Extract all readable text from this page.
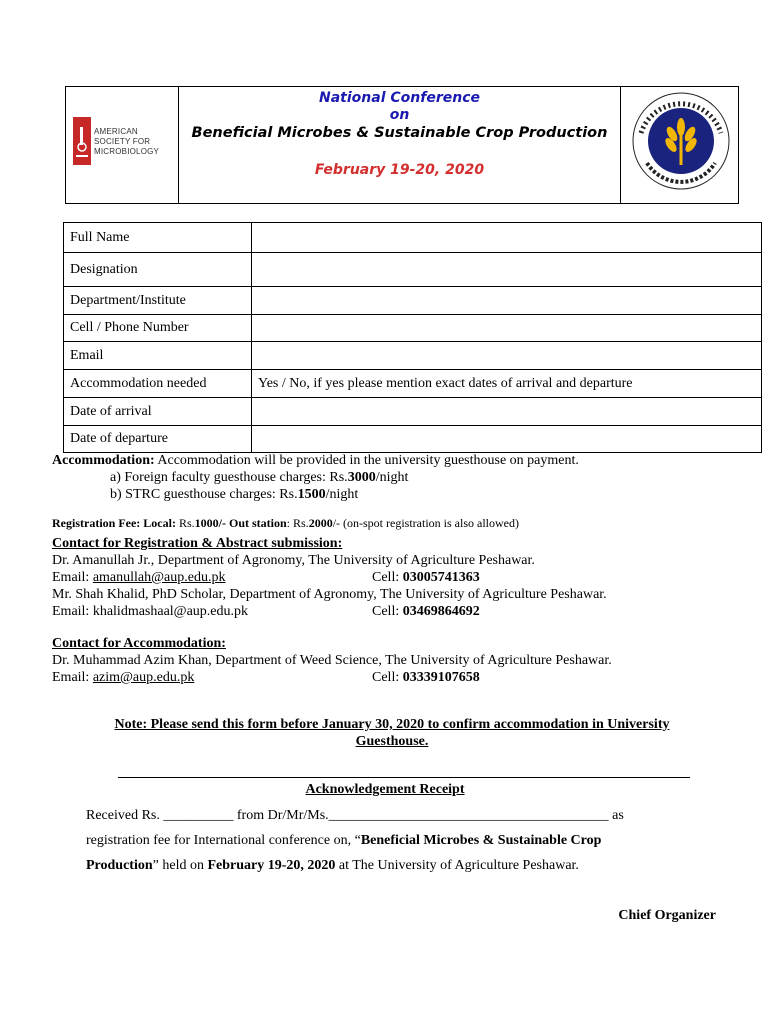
AMERICAN
SOCIETY FOR
MICROBIOLOGY
National Conference
on
Beneficial Microbes & Sustainable Crop Production
February 19-20, 2020
Full Name	
Designation	
Department/Institute	
Cell / Phone Number	
Email	
Accommodation needed	Yes / No, if yes please mention exact dates of arrival and departure
Date of arrival	
Date of departure	
Accommodation: Accommodation will be provided in the university guesthouse on payment.
a) Foreign faculty guesthouse charges: Rs.3000/night
b) STRC guesthouse charges: Rs.1500/night
Registration Fee: Local: Rs.1000/- Out station: Rs.2000/- (on-spot registration is also allowed)
Contact for Registration & Abstract submission:
Dr. Amanullah Jr., Department of Agronomy, The University of Agriculture Peshawar.
Email: amanullah@aup.edu.pk	Cell: 03005741363
Mr. Shah Khalid, PhD Scholar, Department of Agronomy, The University of Agriculture Peshawar.
Email: khalidmashaal@aup.edu.pk	Cell: 03469864692
Contact for Accommodation:
Dr. Muhammad Azim Khan, Department of Weed Science, The University of Agriculture Peshawar.
Email: azim@aup.edu.pk	Cell: 03339107658
Note: Please send this form before January 30, 2020 to confirm accommodation in University
Guesthouse.
Acknowledgement Receipt
Received Rs. __________ from Dr/Mr/Ms.________________________________________ as
registration fee for International conference on, “Beneficial Microbes & Sustainable Crop
Production” held on February 19-20, 2020 at The University of Agriculture Peshawar.
Chief Organizer
